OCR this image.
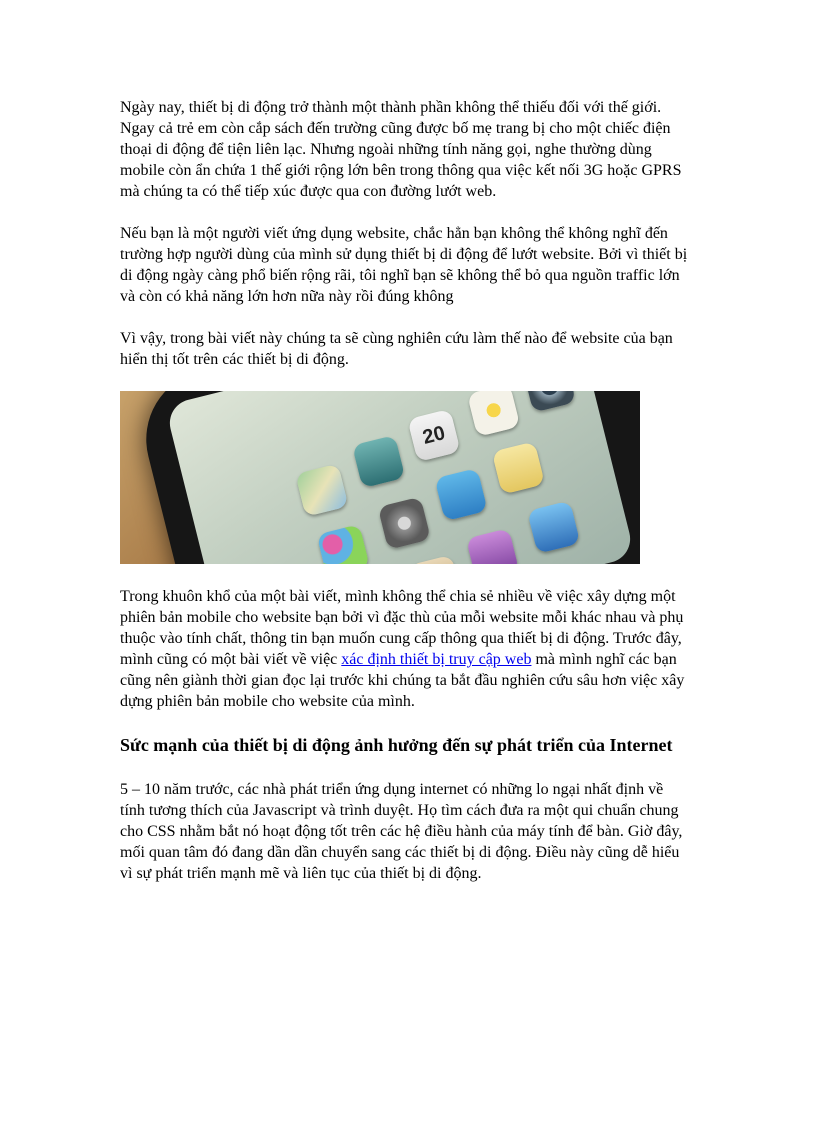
Ngày nay, thiết bị di động trở thành một thành phần không thể thiếu đối với thế giới. Ngay cả trẻ em còn cắp sách đến trường cũng được bố mẹ trang bị cho một chiếc điện thoại di động để tiện liên lạc. Nhưng ngoài những tính năng gọi, nghe thường dùng mobile còn ẩn chứa 1 thế giới rộng lớn bên trong thông qua việc kết nối 3G hoặc GPRS mà chúng ta có thể tiếp xúc được qua con đường lướt web.

Nếu bạn là một người viết ứng dụng website, chắc hẳn bạn không thể không nghĩ đến trường hợp người dùng của mình sử dụng thiết bị di động để lướt website. Bởi vì thiết bị di động ngày càng phổ biến rộng rãi, tôi nghĩ bạn sẽ không thể bỏ qua nguồn traffic lớn và còn có khả năng lớn hơn nữa này rồi đúng không

Vì vậy, trong bài viết này chúng ta sẽ cùng nghiên cứu làm thế nào để website của bạn hiển thị tốt trên các thiết bị di động.

20

Trong khuôn khổ của một bài viết, mình không thể chia sẻ nhiều về việc xây dựng một phiên bản mobile cho website bạn bởi vì đặc thù của mỗi website mỗi khác nhau và phụ thuộc vào tính chất, thông tin bạn muốn cung cấp thông qua thiết bị di động. Trước đây, mình cũng có một bài viết về việc xác định thiết bị truy cập web mà mình nghĩ các bạn cũng nên giành thời gian đọc lại trước khi chúng ta bắt đầu nghiên cứu sâu hơn việc xây dựng phiên bản mobile cho website của mình.

Sức mạnh của thiết bị di động ảnh hưởng đến sự phát triển của Internet

5 – 10 năm trước, các nhà phát triển ứng dụng internet có những lo ngại nhất định về tính tương thích của Javascript và trình duyệt. Họ tìm cách đưa ra một qui chuẩn chung cho CSS nhằm bắt nó hoạt động tốt trên các hệ điều hành của máy tính để bàn. Giờ đây, mối quan tâm đó đang dần dần chuyển sang các thiết bị di động. Điều này cũng dễ hiểu vì sự phát triển mạnh mẽ và liên tục của thiết bị di động.
